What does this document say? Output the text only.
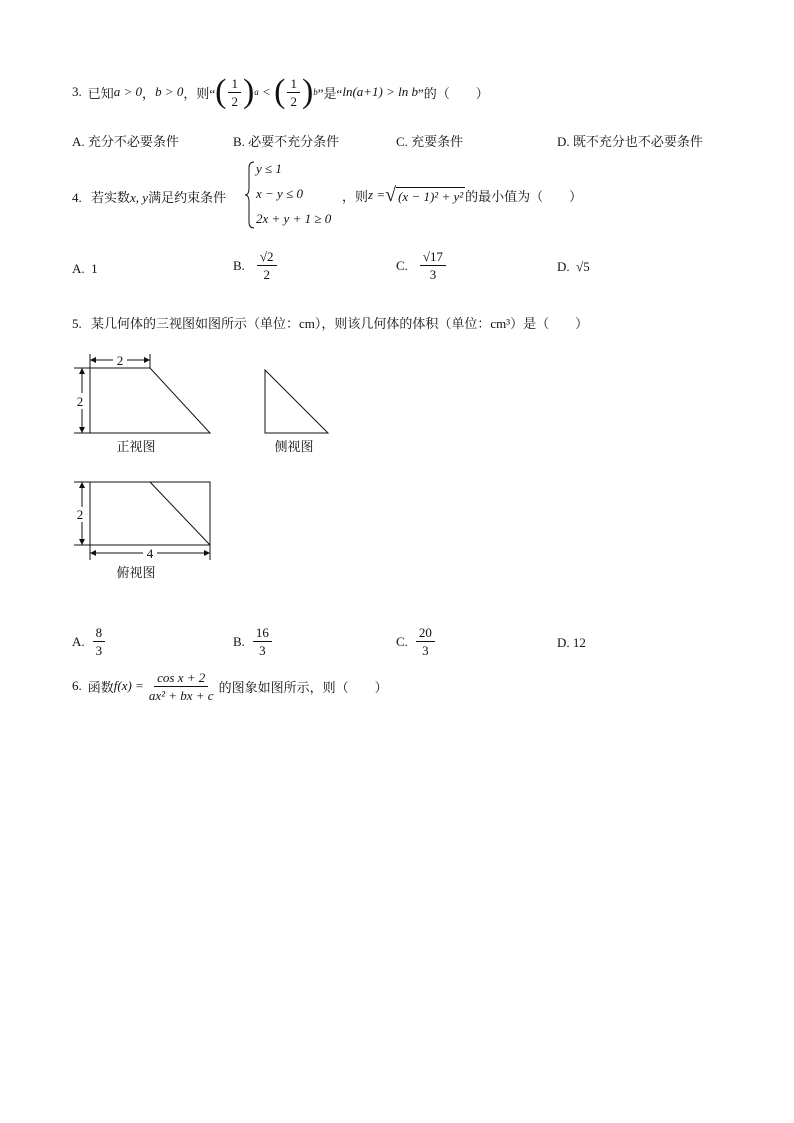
3. 已知 a > 0 ， b > 0 ，则“ ( $\frac{1}{2}$ ) a < ( $\frac{1}{2}$ ) b ”是“ ln(a+1) > ln b ”的（　　）
A. 充分不必要条件	B. 必要不充分条件	C. 充要条件	D. 既不充分也不必要条件
4. 若实数x, y满足约束条件
y ≤ 1
x − y ≤ 0
2x + y + 1 ≥ 0
，则 z = √ (x − 1)² + y² 的最小值为（　　）
A. 1	B. $\frac{√2}{2}$	C. $\frac{√17}{3}$	D. √5
5. 某几何体的三视图如图所示（单位：cm），则该几何体的体积（单位：cm³）是（　　）
2
2
正视图	侧视图
2
4
俯视图
A. $\frac{8}{3}$	B. $\frac{16}{3}$	C. $\frac{20}{3}$	D. 12
6. 函数 $f(x) = \frac{\text{cos x + 2}}{\text{ax² + bx + c}}$ 的图象如图所示，则（　　）
